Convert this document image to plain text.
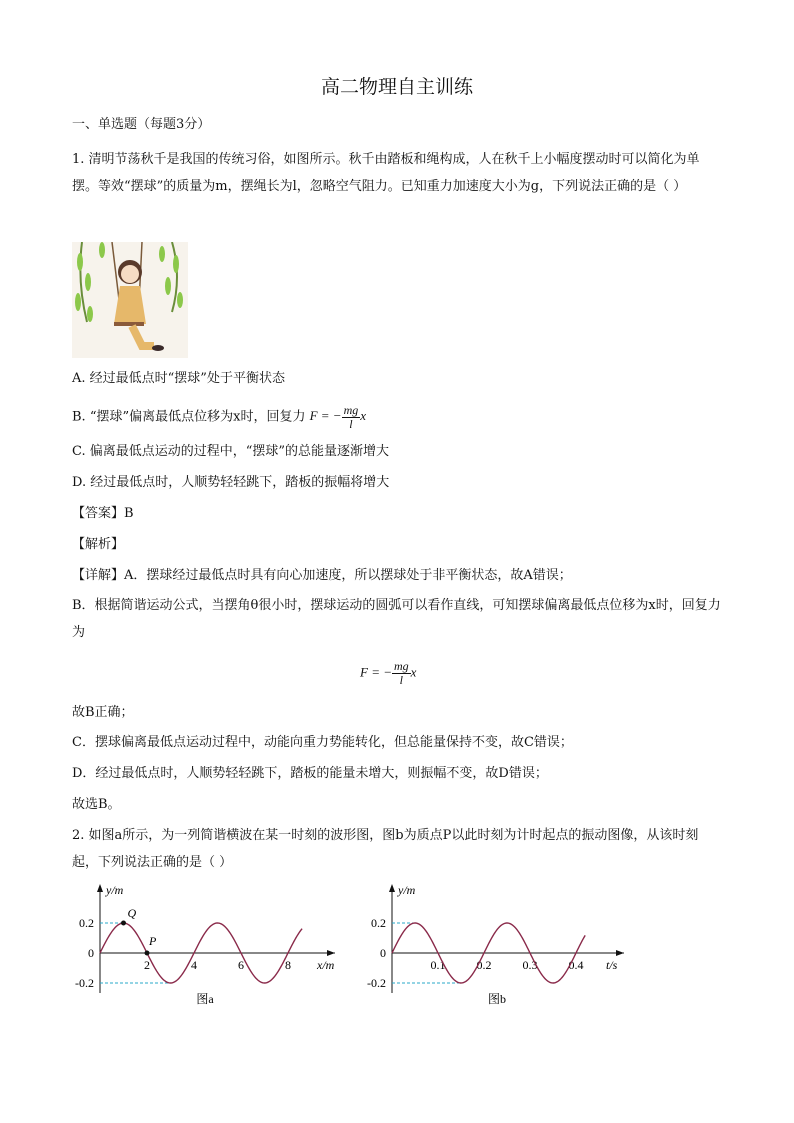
高二物理自主训练
一、单选题（每题3分）
1. 清明节荡秋千是我国的传统习俗，如图所示。秋千由踏板和绳构成，人在秋千上小幅度摆动时可以简化为单摆。等效“摆球”的质量为m，摆绳长为l，忽略空气阻力。已知重力加速度大小为g，下列说法正确的是（ ）
A. 经过最低点时“摆球”处于平衡状态
B. “摆球”偏离最低点位移为x时，回复力 F = − $\frac{mg}{l}$ x
C. 偏离最低点运动的过程中，“摆球”的总能量逐渐增大
D. 经过最低点时，人顺势轻轻跳下，踏板的振幅将增大
【答案】B
【解析】
【详解】A．摆球经过最低点时具有向心加速度，所以摆球处于非平衡状态，故A错误；
B．根据简谐运动公式，当摆角θ很小时，摆球运动的圆弧可以看作直线，可知摆球偏离最低点位移为x时，回复力为
F = − $\frac{mg}{l}$ x
故B正确；
C．摆球偏离最低点运动过程中，动能向重力势能转化，但总能量保持不变，故C错误；
D．经过最低点时，人顺势轻轻跳下，踏板的能量未增大，则振幅不变，故D错误；
故选B。
2. 如图a所示，为一列简谐横波在某一时刻的波形图，图b为质点P以此时刻为计时起点的振动图像，从该时刻起，下列说法正确的是（ ）
y/m
x/m
0.2
0
-0.2
2	4	6	8
Q
P
图a
y/m
t/s
0.2
0
-0.2
0.1	0.2	0.3	0.4
图b
